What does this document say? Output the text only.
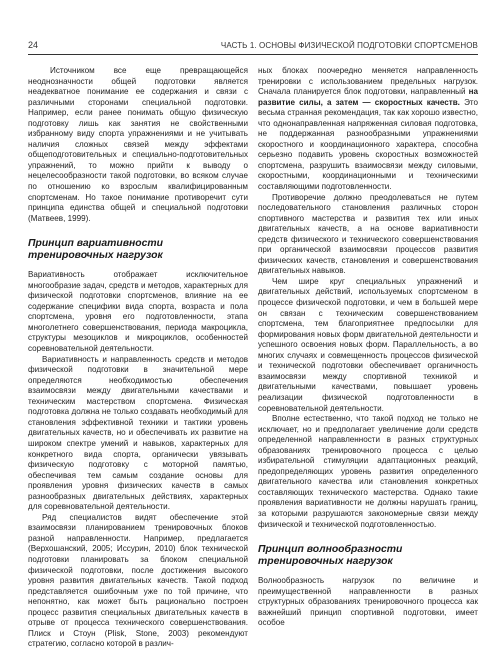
24	ЧАСТЬ 1. ОСНОВЫ ФИЗИЧЕСКОЙ ПОДГОТОВКИ СПОРТСМЕНОВ

Источником все еще превращающейся неоднозначности общей подготовки является неадекватное понимание ее содержания и связи с различными сторонами специальной подготовки. Например, если ранее понимать общую физическую подготовку лишь как занятия не свойственными избранному виду спорта упражнениями и не учитывать наличия сложных связей между эффектами общеподготовительных и специально-подготовительных упражнений, то можно прийти к выводу о нецелесообразности такой подготовки, во всяком случае по отношению ко взрослым квалифицированным спортсменам. Но такое понимание противоречит сути принципа единства общей и специальной подготовки (Матвеев, 1999).

Принцип вариативности
тренировочных нагрузок

Вариативность отображает исключительное многообразие задач, средств и методов, характерных для физической подготовки спортсменов, влияние на ее содержание специфики вида спорта, возраста и пола спортсмена, уровня его подготовленности, этапа многолетнего совершенствования, периода макроцикла, структуры мезоциклов и микроциклов, особенностей соревновательной деятельности.

Вариативность и направленность средств и методов физической подготовки в значительной мере определяются необходимостью обеспечения взаимосвязи между двигательными качествами и техническим мастерством спортсмена. Физическая подготовка должна не только создавать необходимый для становления эффективной техники и тактики уровень двигательных качеств, но и обеспечивать их развитие на широком спектре умений и навыков, характерных для конкретного вида спорта, органически увязывать физическую подготовку с моторной памятью, обеспечивая тем самым создание основы для проявления уровня физических качеств в самых разнообразных двигательных действиях, характерных для соревновательной деятельности.

Ряд специалистов видят обеспечение этой взаимосвязи планированием тренировочных блоков разной направленности. Например, предлагается (Верхошанский, 2005; Иссурин, 2010) блок технической подготовки планировать за блоком специальной физической подготовки, после достижения высокого уровня развития двигательных качеств. Такой подход представляется ошибочным уже по той причине, что непонятно, как может быть рационально построен процесс развития специальных двигательных качеств в отрыве от процесса технического совершенствования. Плиск и Стоун (Plisk, Stone, 2003) рекомендуют стратегию, согласно которой в различ-

ных блоках поочередно меняется направленность тренировки с использованием предельных нагрузок. Сначала планируется блок подготовки, направленный на развитие силы, а затем — скоростных качеств. Это весьма странная рекомендация, так как хорошо известно, что однонаправленная напряженная силовая подготовка, не поддержанная разнообразными упражнениями скоростного и координационного характера, способна серьезно подавить уровень скоростных возможностей спортсмена, разрушить взаимосвязи между силовыми, скоростными, координационными и техническими составляющими подготовленности.

Противоречие должно преодолеваться не путем последовательного становления различных сторон спортивного мастерства и развития тех или иных двигательных качеств, а на основе вариативности средств физического и технического совершенствования при органической взаимосвязи процессов развития физических качеств, становления и совершенствования двигательных навыков.

Чем шире круг специальных упражнений и двигательных действий, используемых спортсменом в процессе физической подготовки, и чем в большей мере он связан с техническим совершенствованием спортсмена, тем благоприятнее предпосылки для формирования новых форм двигательной деятельности и успешного освоения новых форм. Параллельность, а во многих случаях и совмещенность процессов физической и технической подготовки обеспечивает органичность взаимосвязи между спортивной техникой и двигательными качествами, повышает уровень реализации физической подготовленности в соревновательной деятельности.

Вполне естественно, что такой подход не только не исключает, но и предполагает увеличение доли средств определенной направленности в разных структурных образованиях тренировочного процесса с целью избирательной стимуляции адаптационных реакций, предопределяющих уровень развития определенного двигательного качества или становления конкретных составляющих технического мастерства. Однако такие проявления вариативности не должны нарушать границ, за которыми разрушаются закономерные связи между физической и технической подготовленностью.

Принцип волнообразности
тренировочных нагрузок

Волнообразность нагрузок по величине и преимущественной направленности в разных структурных образованиях тренировочного процесса как важнейший принцип спортивной подготовки, имеет особое
